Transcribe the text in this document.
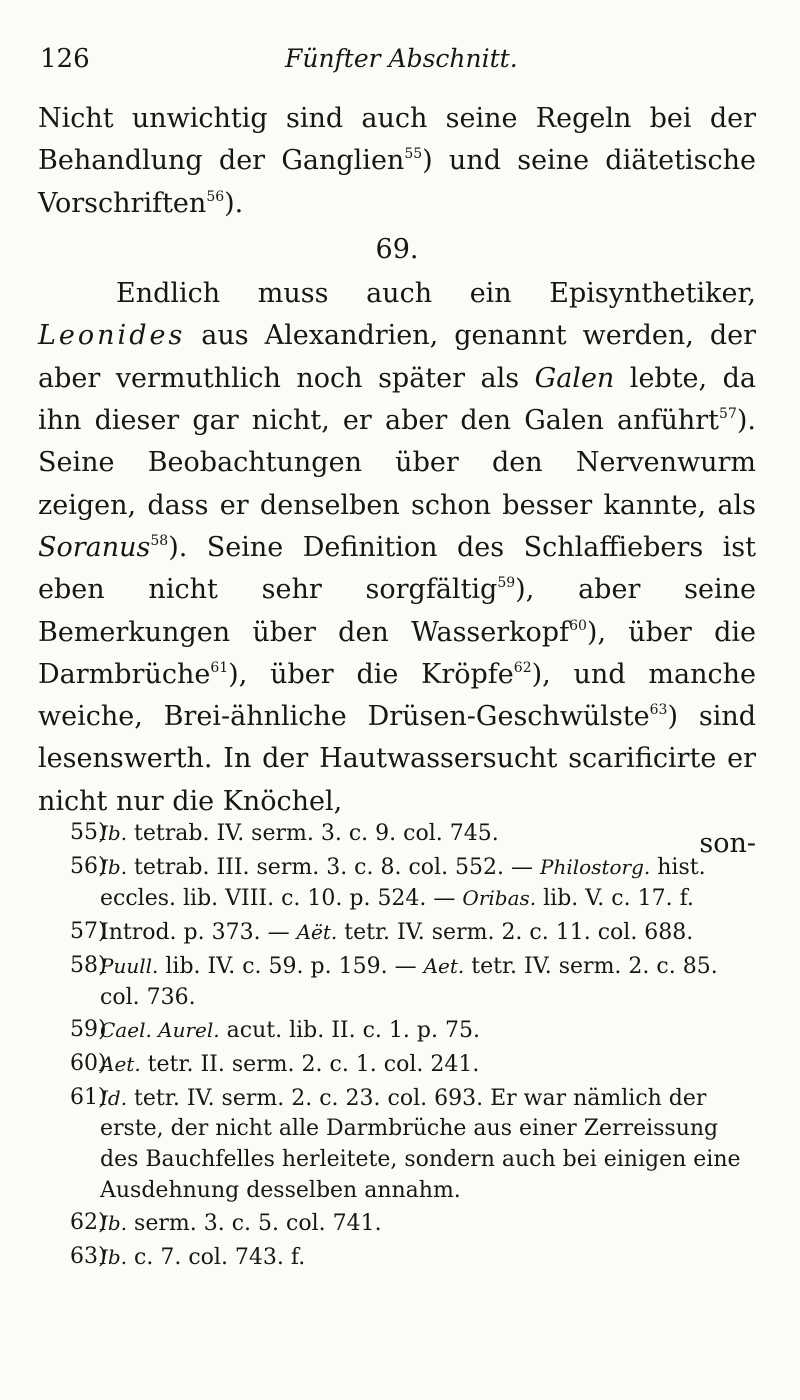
126	Fünfter Abschnitt.

Nicht unwichtig sind auch seine Regeln bei der Behandlung der Ganglien$^{55}$) und seine diätetische Vorschriften$^{56}$).

69.

Endlich muss auch ein Episynthetiker, Leonides aus Alexandrien, genannt werden, der aber vermuthlich noch später als Galen lebte, da ihn dieser gar nicht, er aber den Galen anführt$^{57}$). Seine Beobachtungen über den Nervenwurm zeigen, dass er denselben schon besser kannte, als Soranus$^{58}$). Seine Definition des Schlaffiebers ist eben nicht sehr sorgfältig$^{59}$), aber seine Bemerkungen über den Wasserkopf$^{60}$), über die Darmbrüche$^{61}$), über die Kröpfe$^{62}$), und manche weiche, Brei-ähnliche Drüsen-Geschwülste$^{63}$) sind lesenswerth. In der Hautwassersucht scarificirte er nicht nur die Knöchel,

son-

55)
Ib. tetrab. IV. serm. 3. c. 9. col. 745.
56)
Ib. tetrab. III. serm. 3. c. 8. col. 552. — Philostorg. hist. eccles. lib. VIII. c. 10. p. 524. — Oribas. lib. V. c. 17. f.
57)
Introd. p. 373. — Aët. tetr. IV. serm. 2. c. 11. col. 688.
58)
Puull. lib. IV. c. 59. p. 159. — Aet. tetr. IV. serm. 2. c. 85. col. 736.
59)
Cael. Aurel. acut. lib. II. c. 1. p. 75.
60)
Aet. tetr. II. serm. 2. c. 1. col. 241.
61)
Id. tetr. IV. serm. 2. c. 23. col. 693. Er war nämlich der erste, der nicht alle Darmbrüche aus einer Zerreissung des Bauchfelles herleitete, sondern auch bei einigen eine Ausdehnung desselben annahm.
62)
Ib. serm. 3. c. 5. col. 741.
63)
Ib. c. 7. col. 743. f.
